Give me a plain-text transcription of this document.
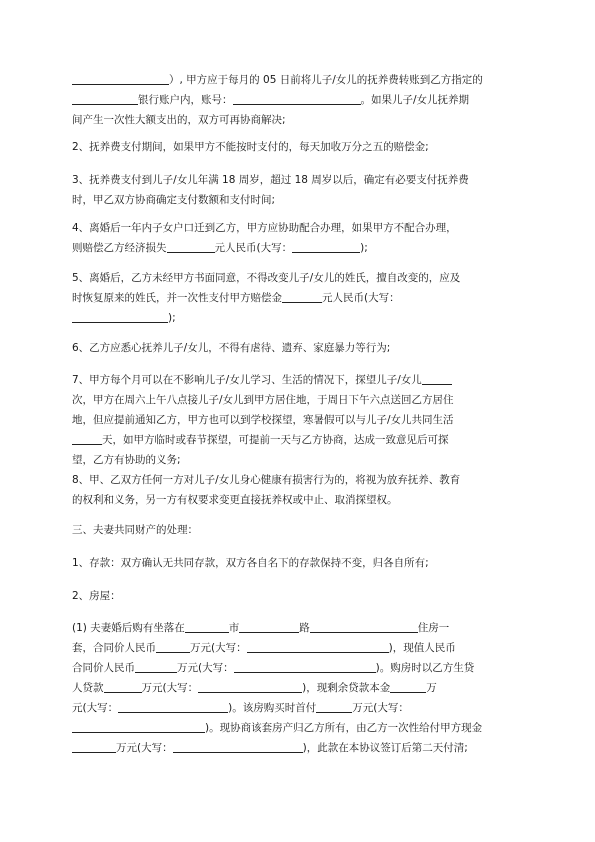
）, 甲方应于每月的 05 日前将儿子/女儿的抚养费转账到乙方指定的
银行账户内，账号：	。如果儿子/女儿抚养期
间产生一次性大额支出的，双方可再协商解决;
2、抚养费支付期间，如果甲方不能按时支付的，每天加收万分之五的赔偿金;
3、抚养费支付到儿子/女儿年满 18 周岁，超过 18 周岁以后，确定有必要支付抚养费
时，甲乙双方协商确定支付数额和支付时间;
4、离婚后一年内子女户口迁到乙方，甲方应协助配合办理，如果甲方不配合办理，
则赔偿乙方经济损失	元人民币(大写：	);
5、离婚后，乙方未经甲方书面同意，不得改变儿子/女儿的姓氏，擅自改变的，应及
时恢复原来的姓氏，并一次性支付甲方赔偿金	元人民币(大写：
);
6、乙方应悉心抚养儿子/女儿，不得有虐待、遗弃、家庭暴力等行为;
7、甲方每个月可以在不影响儿子/女儿学习、生活的情况下，探望儿子/女儿
次，甲方在周六上午八点接儿子/女儿到甲方居住地，于周日下午六点送回乙方居住
地，但应提前通知乙方，甲方也可以到学校探望，寒暑假可以与儿子/女儿共同生活
天，如甲方临时或春节探望，可提前一天与乙方协商，达成一致意见后可探
望，乙方有协助的义务;
8、甲、乙双方任何一方对儿子/女儿身心健康有损害行为的，将视为放弃抚养、教育
的权利和义务，另一方有权要求变更直接抚养权或中止、取消探望权。
三、夫妻共同财产的处理：
1、存款：双方确认无共同存款，双方各自名下的存款保持不变，归各自所有;
2、房屋：
(1) 夫妻婚后购有坐落在	市	路	住房一
套，合同价人民币	万元(大写：	)，现值人民币
合同价人民币	万元(大写：	)。购房时以乙方生贷
人贷款	万元(大写：	)，现剩余贷款本金	万
元(大写：	)。该房购买时首付	万元(大写：
)。现协商该套房产归乙方所有，由乙方一次性给付甲方现金
万元(大写：	)，此款在本协议签订后第二天付清;
